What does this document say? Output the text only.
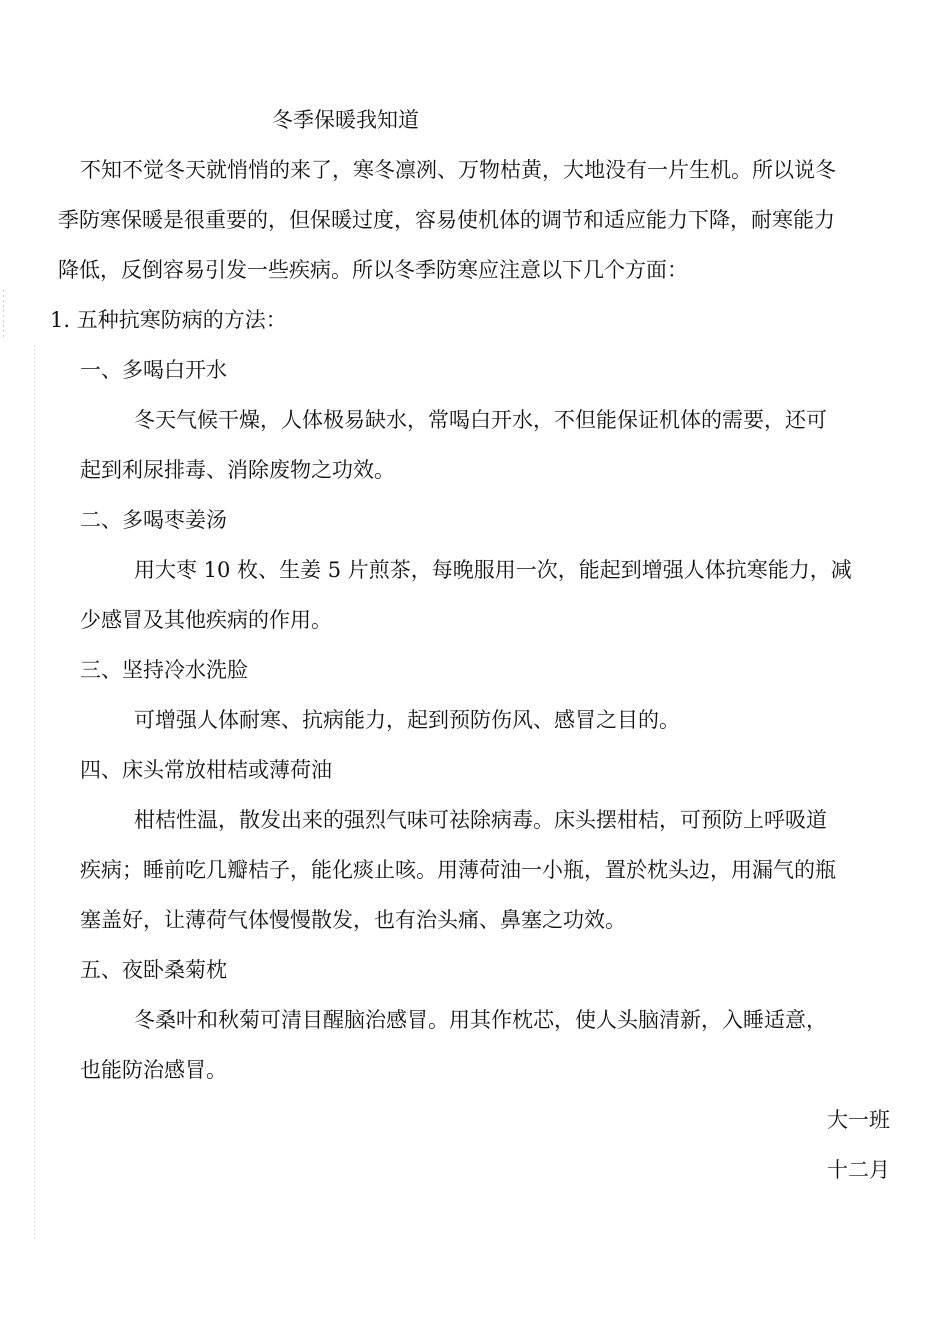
冬季保暖我知道
不知不觉冬天就悄悄的来了，寒冬凛冽、万物枯黄，大地没有一片生机。所以说冬
季防寒保暖是很重要的，但保暖过度，容易使机体的调节和适应能力下降，耐寒能力
降低，反倒容易引发一些疾病。所以冬季防寒应注意以下几个方面：
1. 五种抗寒防病的方法：
一、多喝白开水
冬天气候干燥，人体极易缺水，常喝白开水，不但能保证机体的需要，还可
起到利尿排毒、消除废物之功效。
二、多喝枣姜汤
用大枣 10 枚、生姜 5 片煎茶，每晚服用一次，能起到增强人体抗寒能力，减
少感冒及其他疾病的作用。
三、坚持冷水洗脸
可增强人体耐寒、抗病能力，起到预防伤风、感冒之目的。
四、床头常放柑桔或薄荷油
柑桔性温，散发出来的强烈气味可祛除病毒。床头摆柑桔，可预防上呼吸道
疾病；睡前吃几瓣桔子，能化痰止咳。用薄荷油一小瓶，置於枕头边，用漏气的瓶
塞盖好，让薄荷气体慢慢散发，也有治头痛、鼻塞之功效。
五、夜卧桑菊枕
冬桑叶和秋菊可清目醒脑治感冒。用其作枕芯，使人头脑清新，入睡适意，
也能防治感冒。
大一班
十二月
